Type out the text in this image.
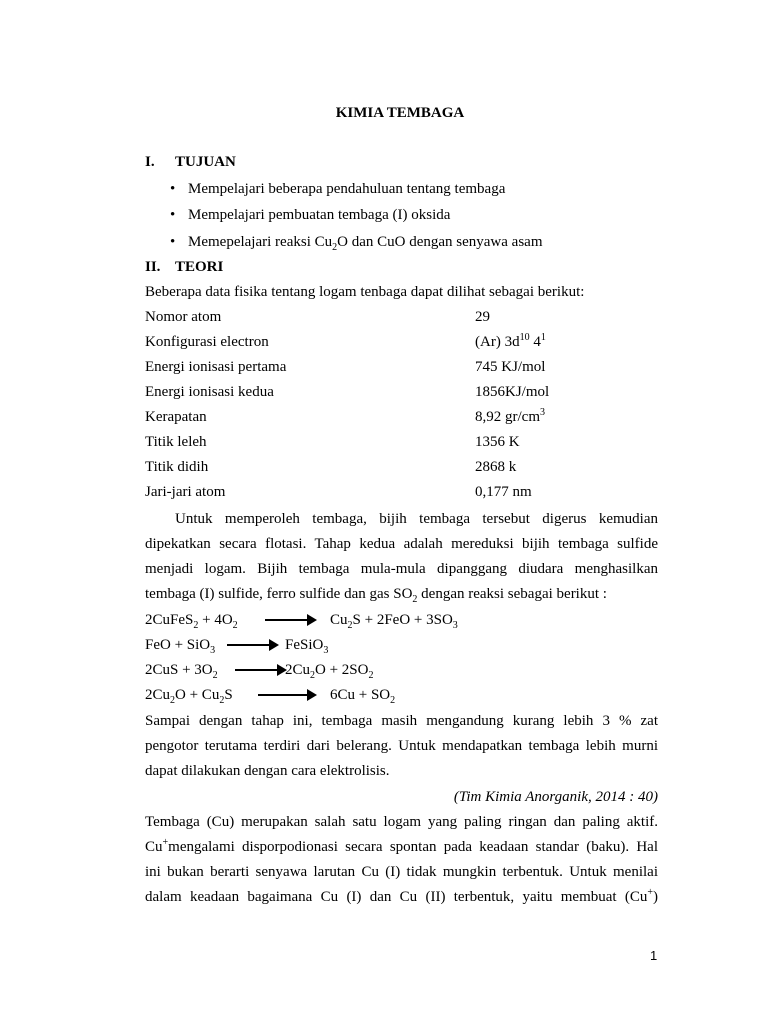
KIMIA TEMBAGA
I. TUJUAN
• Mempelajari beberapa pendahuluan tentang tembaga
• Mempelajari pembuatan tembaga (I) oksida
• Memepelajari reaksi $Cu_2O$ dan CuO dengan senyawa asam
II. TEORI
Beberapa data fisika tentang logam tenbaga dapat dilihat sebagai berikut:
Nomor atom	29
Konfigurasi electron	(Ar) $3d^{10}$ $4^1$
Energi ionisasi pertama	745 KJ/mol
Energi ionisasi kedua	1856KJ/mol
Kerapatan	8,92 $gr/cm^3$
Titik leleh	1356 K
Titik didih	2868 k
Jari-jari atom	0,177 nm
Untuk memperoleh tembaga, bijih tembaga tersebut digerus kemudian
dipekatkan secara flotasi. Tahap kedua adalah mereduksi bijih tembaga sulfide
menjadi logam. Bijih tembaga mula-mula dipanggang diudara menghasilkan
tembaga (I) sulfide, ferro sulfide dan gas $SO_2$ dengan reaksi sebagai berikut :
2CuFeS$_2$ + $4O_2 \to Cu_2S + 2FeO + 3SO_3$
FeO + SiO$_3$ → FeSiO$_3$
$2CuS + 3O_2 \to 2Cu_2O + 2SO_2$
$2Cu_2O + Cu_2S \to 6Cu + SO_2$
Sampai dengan tahap ini, tembaga masih mengandung kurang lebih 3 % zat
pengotor terutama terdiri dari belerang. Untuk mendapatkan tembaga lebih murni
dapat dilakukan dengan cara elektrolisis.
(Tim Kimia Anorganik, 2014 : 40)
Tembaga (Cu) merupakan salah satu logam yang paling ringan dan paling aktif.
Cu+mengalami disporpodionasi secara spontan pada keadaan standar (baku). Hal
ini bukan berarti senyawa larutan Cu (I) tidak mungkin terbentuk. Untuk menilai
dalam keadaan bagaimana Cu (I) dan Cu (II) terbentuk, yaitu membuat (Cu+)
1
